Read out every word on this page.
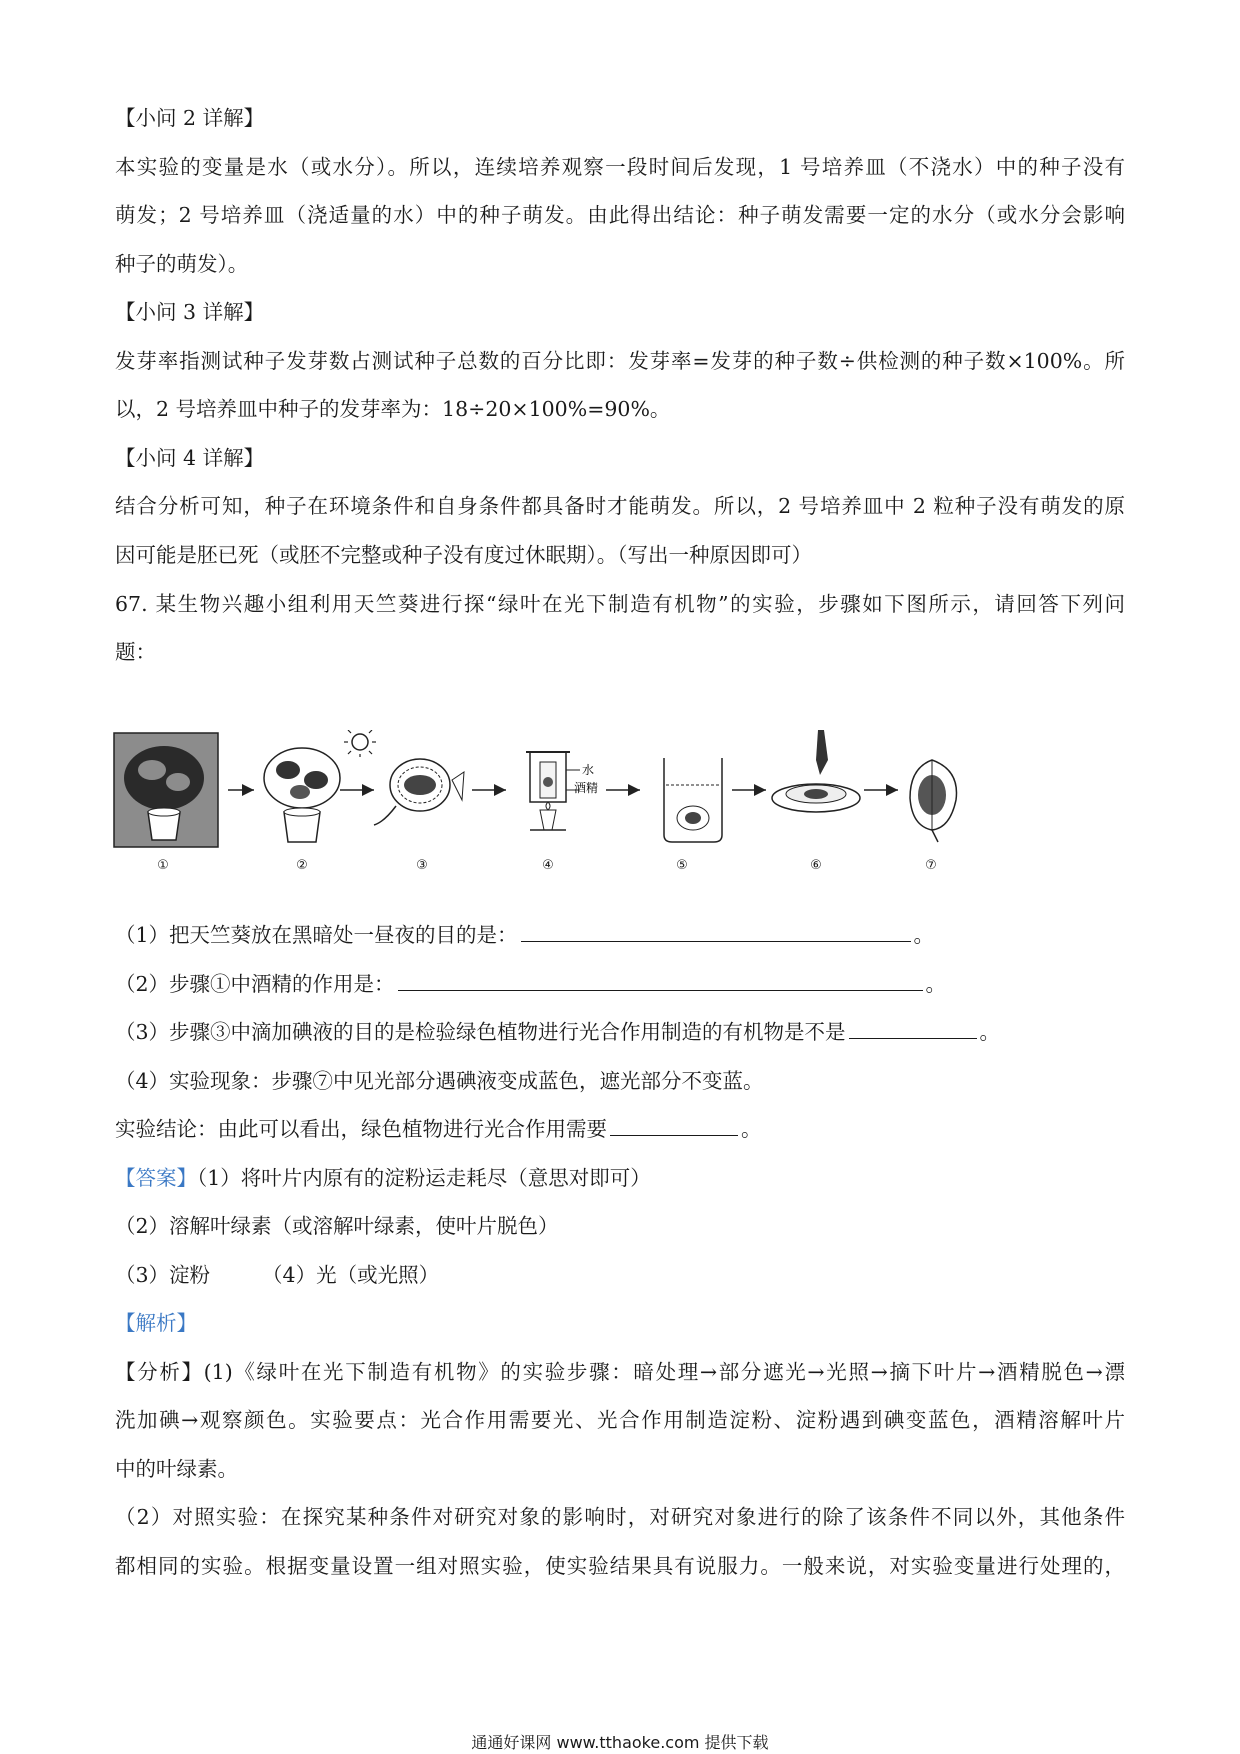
【小问 2 详解】
本实验的变量是水（或水分）。所以，连续培养观察一段时间后发现，1 号培养皿（不浇水）中的种子没有
萌发；2 号培养皿（浇适量的水）中的种子萌发。由此得出结论：种子萌发需要一定的水分（或水分会影响
种子的萌发）。
【小问 3 详解】
发芽率指测试种子发芽数占测试种子总数的百分比即：发芽率=发芽的种子数÷供检测的种子数×100%。所
以，2 号培养皿中种子的发芽率为：18÷20×100%=90%。
【小问 4 详解】
结合分析可知，种子在环境条件和自身条件都具备时才能萌发。所以，2 号培养皿中 2 粒种子没有萌发的原
因可能是胚已死（或胚不完整或种子没有度过休眠期）。（写出一种原因即可）
67. 某生物兴趣小组利用天竺葵进行探“绿叶在光下制造有机物”的实验，步骤如下图所示，请回答下列问
题：
水
酒精
①	②	③	④	⑤	⑥	⑦
（1）把天竺葵放在黑暗处一昼夜的目的是：	。
（2）步骤①中酒精的作用是：	。
（3）步骤③中滴加碘液的目的是检验绿色植物进行光合作用制造的有机物是不是	。
（4）实验现象：步骤⑦中见光部分遇碘液变成蓝色，遮光部分不变蓝。
实验结论：由此可以看出，绿色植物进行光合作用需要	。
【答案】（1）将叶片内原有的淀粉运走耗尽（意思对即可）
（2）溶解叶绿素（或溶解叶绿素，使叶片脱色）
（3）淀粉	（4）光（或光照）
【解析】
【分析】(1)《绿叶在光下制造有机物》的实验步骤：暗处理→部分遮光→光照→摘下叶片→酒精脱色→漂
洗加碘→观察颜色。实验要点：光合作用需要光、光合作用制造淀粉、淀粉遇到碘变蓝色，酒精溶解叶片
中的叶绿素。
（2）对照实验：在探究某种条件对研究对象的影响时，对研究对象进行的除了该条件不同以外，其他条件
都相同的实验。根据变量设置一组对照实验，使实验结果具有说服力。一般来说，对实验变量进行处理的，
通通好课网 www.tthaoke.com 提供下载
